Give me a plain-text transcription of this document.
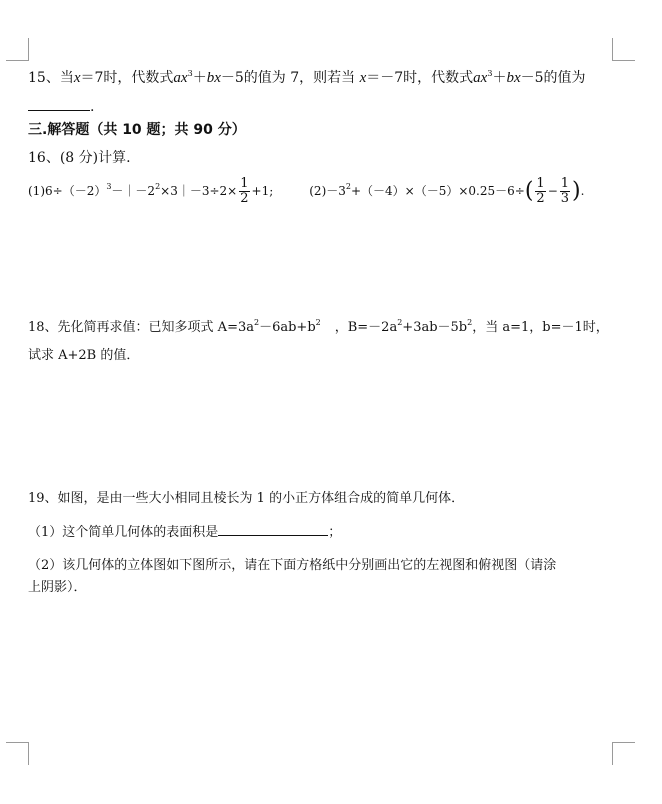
15、当x＝7时，代数式$ax^3+bx-5$的值为 7，则若当 x＝－7时，代数式$ax^3+bx-5$的值为
.
三.解答题（共 10 题；共 90 分）
16、(8 分)计算.
$(1)6\div(-2)^3-|-2^2\times 3|-3\div 2\times \frac{1}{2} +1$;	$(2)-3^2+(-4)\times(-5)\times 0.25-6\div( \frac{1}{2} - \frac{1}{3}$ ).
18、先化简再求值：已知多项式 $A=3a^2-6ab+b^2$ ，$B=-2a^2+3ab-5b^2$，当 a=1，b=－1时，
试求 A+2B 的值．
19、如图，是由一些大小相同且棱长为 1 的小正方体组合成的简单几何体．
（1）这个简单几何体的表面积是	；
（2）该几何体的立体图如下图所示，请在下面方格纸中分别画出它的左视图和俯视图（请涂
上阴影）．
